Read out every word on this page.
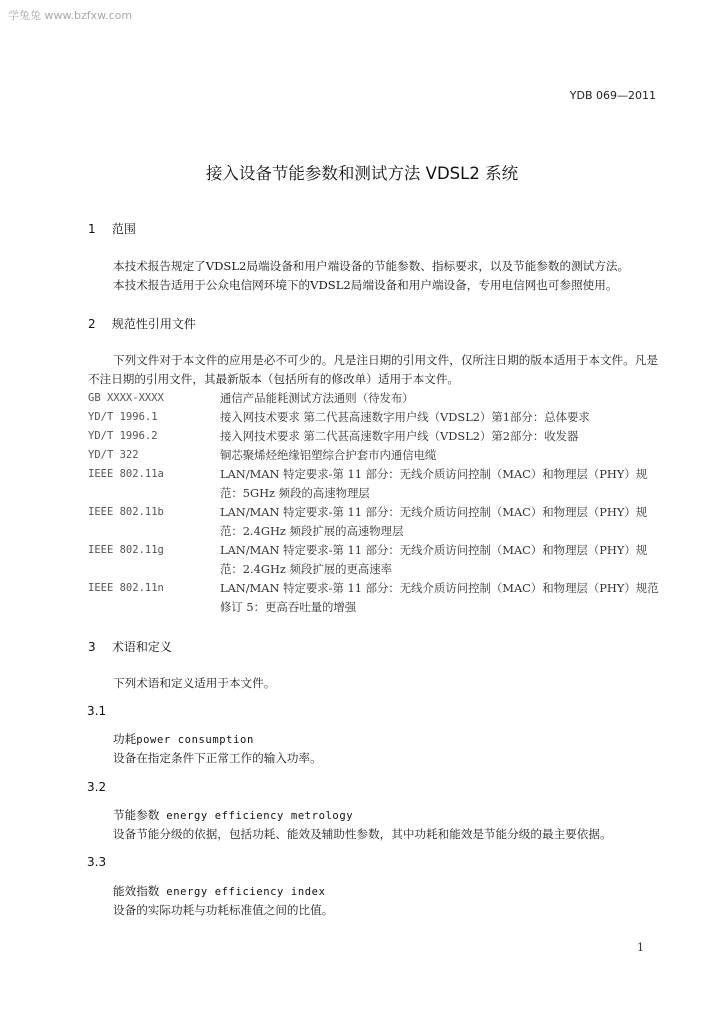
学兔兔 www.bzfxw.com
YDB 069—2011
接入设备节能参数和测试方法 VDSL2 系统
1 范围
本技术报告规定了VDSL2局端设备和用户端设备的节能参数、指标要求，以及节能参数的测试方法。
本技术报告适用于公众电信网环境下的VDSL2局端设备和用户端设备，专用电信网也可参照使用。
2 规范性引用文件
下列文件对于本文件的应用是必不可少的。凡是注日期的引用文件，仅所注日期的版本适用于本文件。凡是不注日期的引用文件，其最新版本（包括所有的修改单）适用于本文件。
GB XXXX-XXXX	通信产品能耗测试方法通则（待发布）
YD/T 1996.1	接入网技术要求 第二代甚高速数字用户线（VDSL2）第1部分：总体要求
YD/T 1996.2	接入网技术要求 第二代甚高速数字用户线（VDSL2）第2部分：收发器
YD/T 322	铜芯聚烯烃绝缘铝塑综合护套市内通信电缆
IEEE 802.11a	LAN/MAN 特定要求-第 11 部分：无线介质访问控制（MAC）和物理层（PHY）规范：5GHz 频段的高速物理层
IEEE 802.11b	LAN/MAN 特定要求-第 11 部分：无线介质访问控制（MAC）和物理层（PHY）规范：2.4GHz 频段扩展的高速物理层
IEEE 802.11g	LAN/MAN 特定要求-第 11 部分：无线介质访问控制（MAC）和物理层（PHY）规范：2.4GHz 频段扩展的更高速率
IEEE 802.11n	LAN/MAN 特定要求-第 11 部分：无线介质访问控制（MAC）和物理层（PHY）规范修订 5：更高吞吐量的增强
3 术语和定义
下列术语和定义适用于本文件。
3.1
功耗power consumption
设备在指定条件下正常工作的输入功率。
3.2
节能参数 energy efficiency metrology
设备节能分级的依据，包括功耗、能效及辅助性参数，其中功耗和能效是节能分级的最主要依据。
3.3
能效指数 energy efficiency index
设备的实际功耗与功耗标准值之间的比值。
1
